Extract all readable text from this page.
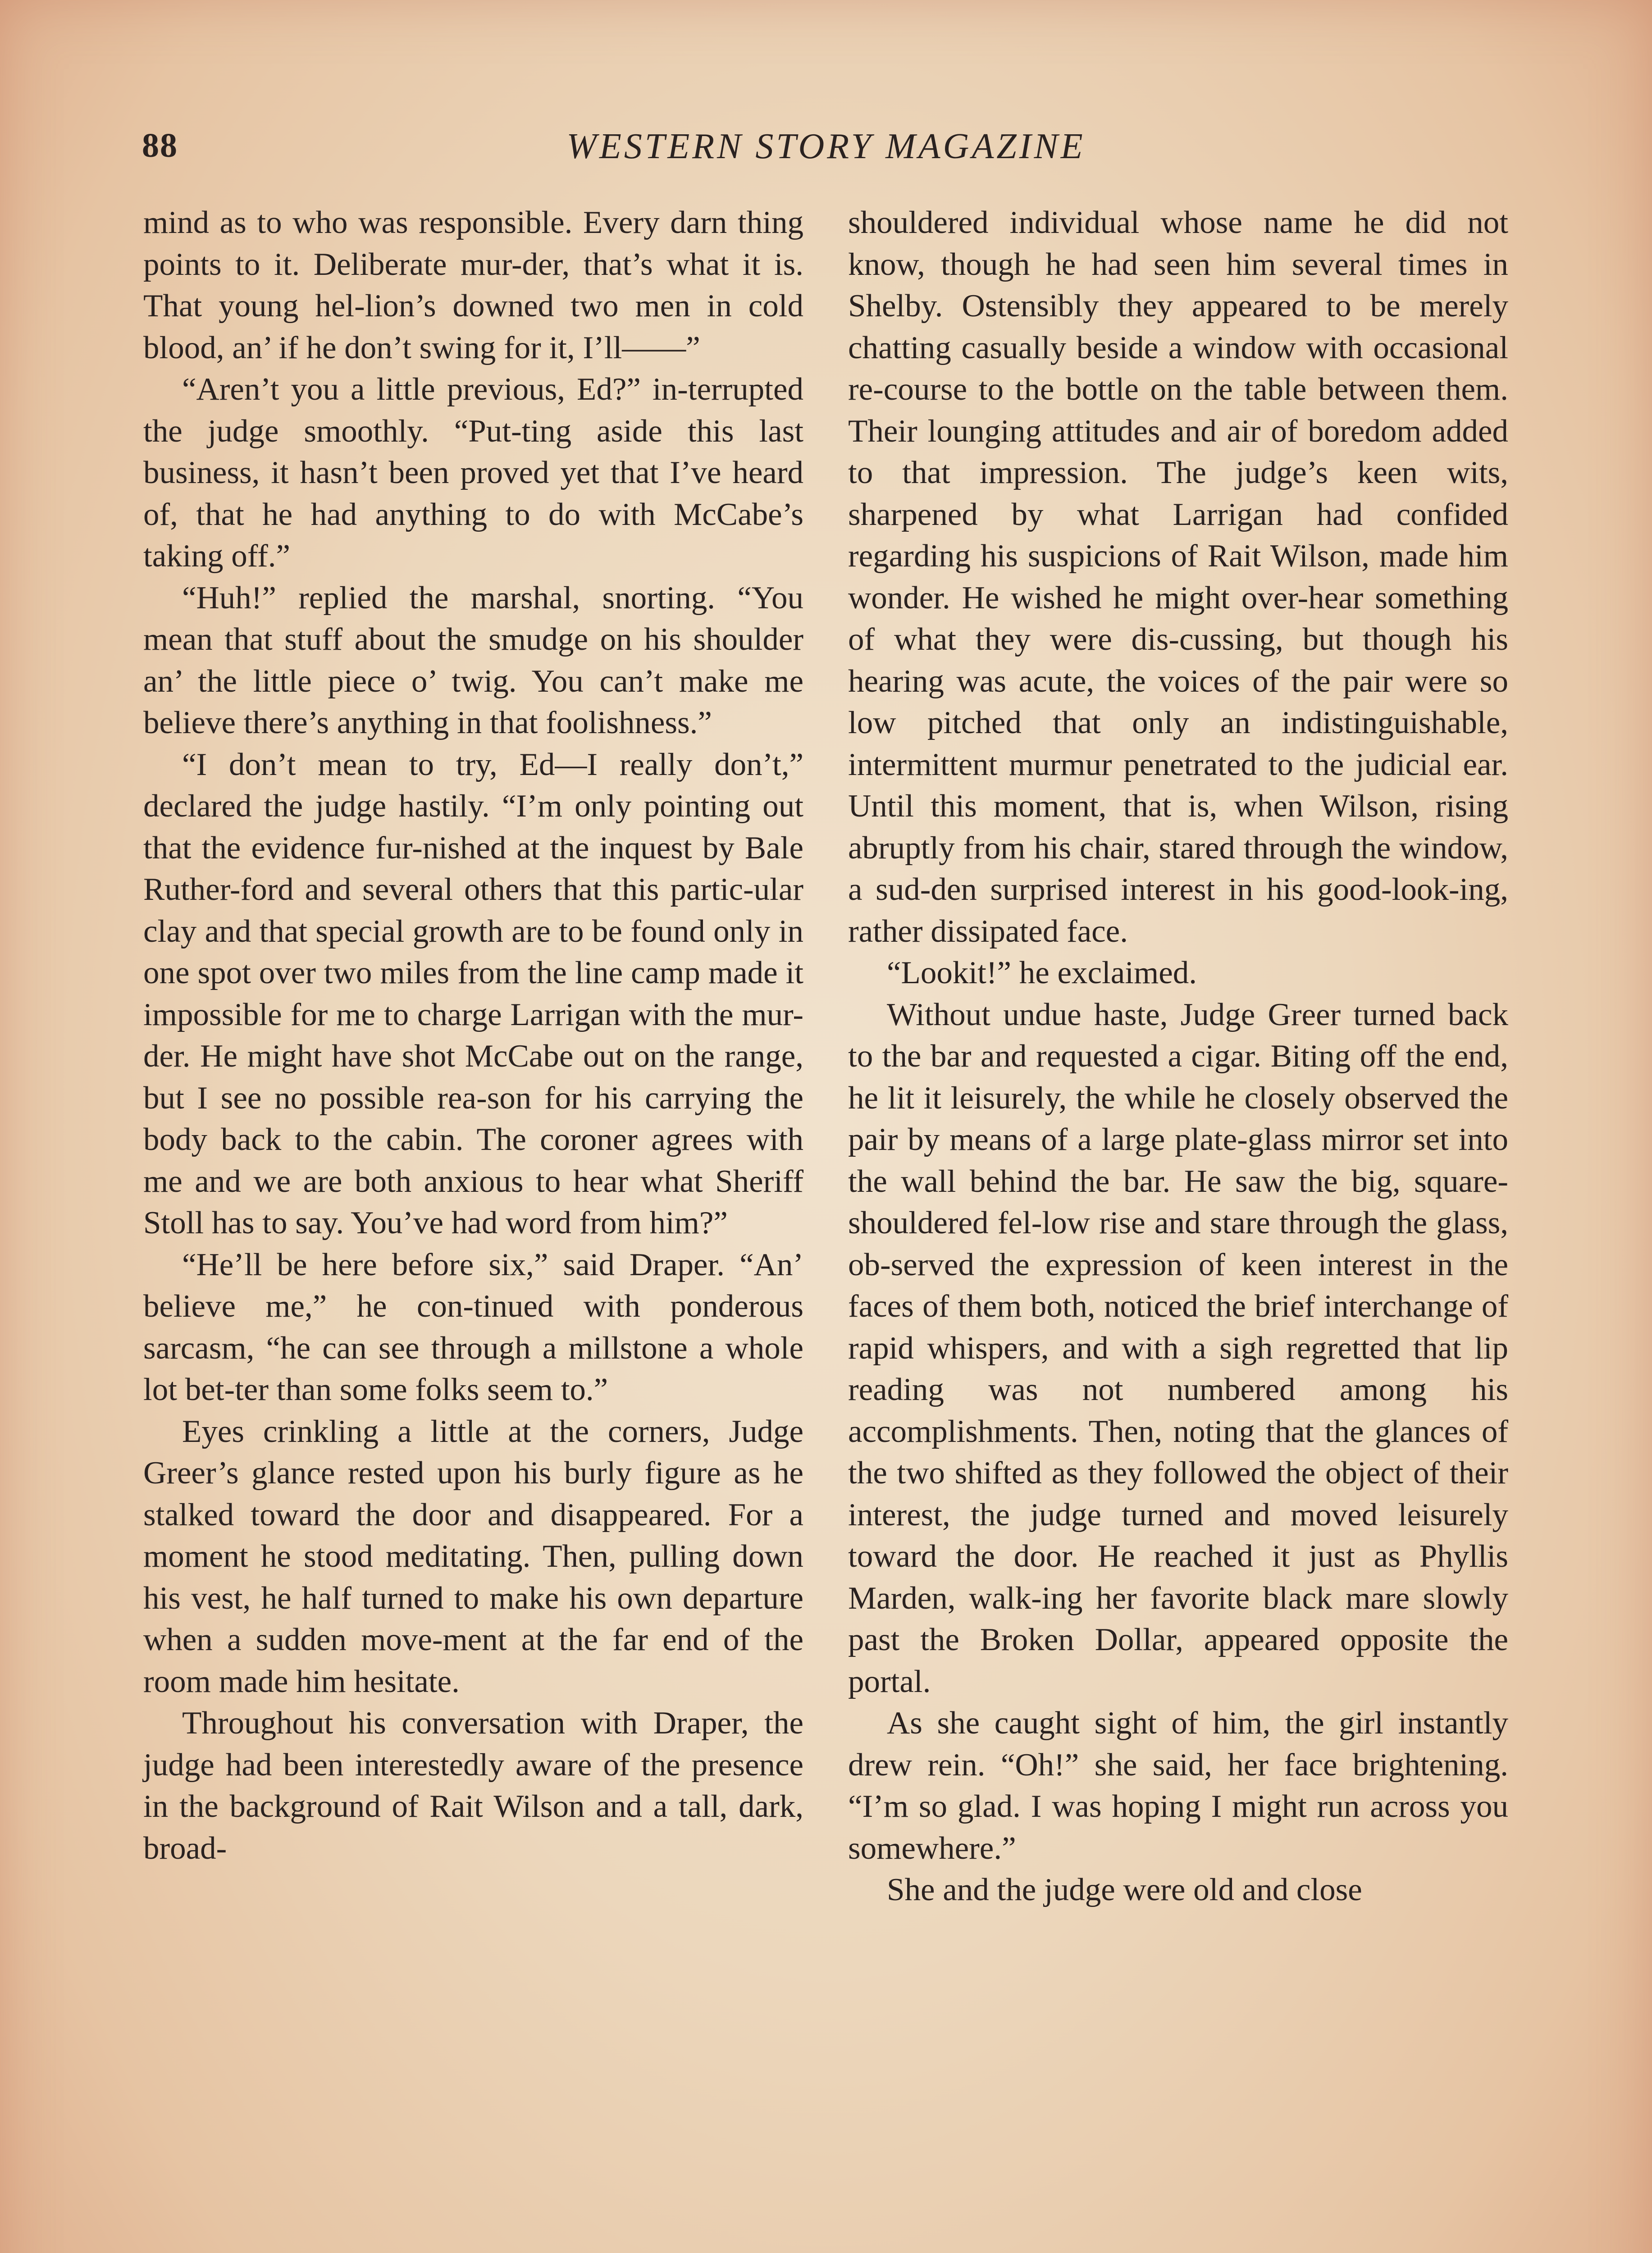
88	WESTERN STORY MAGAZINE

mind as to who was responsible. Every darn thing points to it. Deliberate mur-der, that’s what it is. That young hel-lion’s downed two men in cold blood, an’ if he don’t swing for it, I’ll——”

“Aren’t you a little previous, Ed?” in-terrupted the judge smoothly. “Put-ting aside this last business, it hasn’t been proved yet that I’ve heard of, that he had anything to do with McCabe’s taking off.”

“Huh!” replied the marshal, snorting. “You mean that stuff about the smudge on his shoulder an’ the little piece o’ twig. You can’t make me believe there’s anything in that foolishness.”

“I don’t mean to try, Ed—I really don’t,” declared the judge hastily. “I’m only pointing out that the evidence fur-nished at the inquest by Bale Ruther-ford and several others that this partic-ular clay and that special growth are to be found only in one spot over two miles from the line camp made it impossible for me to charge Larrigan with the mur-der. He might have shot McCabe out on the range, but I see no possible rea-son for his carrying the body back to the cabin. The coroner agrees with me and we are both anxious to hear what Sheriff Stoll has to say. You’ve had word from him?”

“He’ll be here before six,” said Draper. “An’ believe me,” he con-tinued with ponderous sarcasm, “he can see through a millstone a whole lot bet-ter than some folks seem to.”

Eyes crinkling a little at the corners, Judge Greer’s glance rested upon his burly figure as he stalked toward the door and disappeared. For a moment he stood meditating. Then, pulling down his vest, he half turned to make his own departure when a sudden move-ment at the far end of the room made him hesitate.

Throughout his conversation with Draper, the judge had been interestedly aware of the presence in the background of Rait Wilson and a tall, dark, broad-

shouldered individual whose name he did not know, though he had seen him several times in Shelby. Ostensibly they appeared to be merely chatting casually beside a window with occasional re-course to the bottle on the table between them. Their lounging attitudes and air of boredom added to that impression. The judge’s keen wits, sharpened by what Larrigan had confided regarding his suspicions of Rait Wilson, made him wonder. He wished he might over-hear something of what they were dis-cussing, but though his hearing was acute, the voices of the pair were so low pitched that only an indistinguishable, intermittent murmur penetrated to the judicial ear. Until this moment, that is, when Wilson, rising abruptly from his chair, stared through the window, a sud-den surprised interest in his good-look-ing, rather dissipated face.

“Lookit!” he exclaimed.

Without undue haste, Judge Greer turned back to the bar and requested a cigar. Biting off the end, he lit it leisurely, the while he closely observed the pair by means of a large plate-glass mirror set into the wall behind the bar. He saw the big, square-shouldered fel-low rise and stare through the glass, ob-served the expression of keen interest in the faces of them both, noticed the brief interchange of rapid whispers, and with a sigh regretted that lip reading was not numbered among his accomplishments. Then, noting that the glances of the two shifted as they followed the object of their interest, the judge turned and moved leisurely toward the door. He reached it just as Phyllis Marden, walk-ing her favorite black mare slowly past the Broken Dollar, appeared opposite the portal.

As she caught sight of him, the girl instantly drew rein. “Oh!” she said, her face brightening. “I’m so glad. I was hoping I might run across you somewhere.”

She and the judge were old and close
